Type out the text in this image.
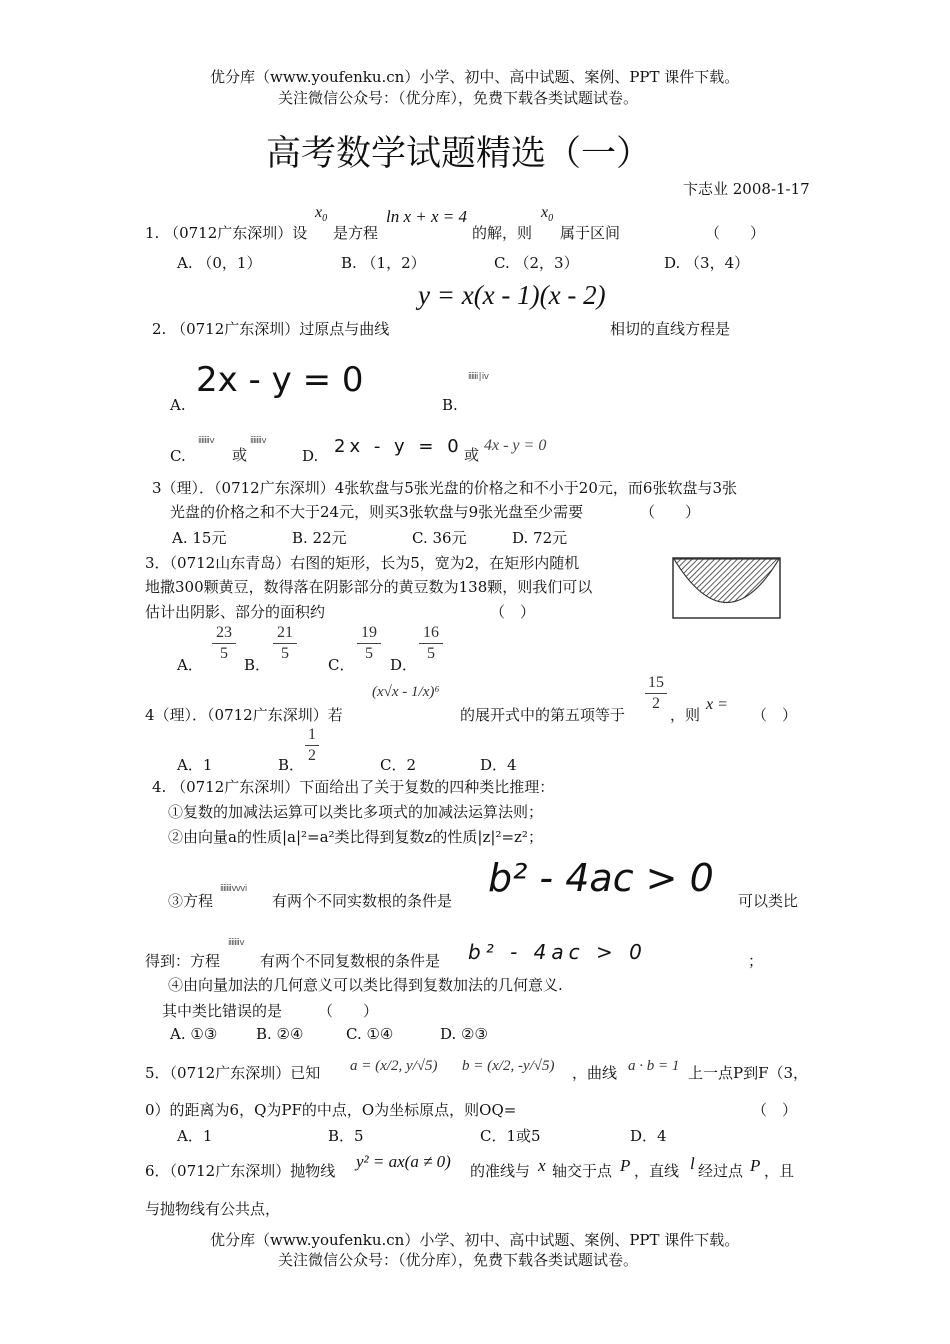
优分库（www.youfenku.cn）小学、初中、高中试题、案例、PPT 课件下载。
关注微信公众号：（优分库），免费下载各类试题试卷。
高考数学试题精选（一）
卞志业 2008-1-17
1. （0712广东深圳）设
$x_0$
是方程
ln x + x = 4
的解，则
$x_0$
属于区间	（　　）
A. （0，1）	B. （1，2）	C. （2，3）	D. （3，4）
y = x(x - 1)(x - 2)
2. （0712广东深圳）过原点与曲线	相切的直线方程是
A.
2x - y = 0
B.
ⅰⅱⅲ|ⅳ
C.
ⅰⅱⅲⅳ
或
ⅰⅱⅲⅳ
D. 2x - y = 0 或
4x - y = 0
3（理）．（0712广东深圳）4张软盘与5张光盘的价格之和不小于20元，而6张软盘与3张
光盘的价格之和不大于24元，则买3张软盘与9张光盘至少需要	（　　）
A. 15元	B. 22元	C. 36元	D. 72元
3．（0712山东青岛）右图的矩形，长为5，宽为2，在矩形内随机
地撒300颗黄豆，数得落在阴影部分的黄豆数为138颗，则我们可以
估计出阴影、部分的面积约	（　）
A．
23
5
B．
21
5
C．
19
5
D．
16
5
4（理）．（0712广东深圳）若
(x√x - 1/x)⁶
的展开式中的第五项等于
15
2
，则
x =
（　）
A．1	B．
1
2
C．2	D．4
4. （0712广东深圳）下面给出了关于复数的四种类比推理：
①复数的加减法运算可以类比多项式的加减法运算法则；
②由向量a的性质|a|²=a²类比得到复数z的性质|z|²=z²；
③方程
ⅰⅱⅲⅳⅴⅵ
有两个不同实数根的条件是
b² - 4ac > 0
可以类比
得到：方程
ⅰⅱⅲⅳ
有两个不同复数根的条件是 b² - 4ac > 0	；
④由向量加法的几何意义可以类比得到复数加法的几何意义.
其中类比错误的是 （　　）
A. ①③	B. ②④	C. ①④	D. ②③
5．（0712广东深圳）已知 a = (x/2, y/√5) b = (x/2, -y/√5) ，曲线 a · b = 1 上一点P到F（3，
0）的距离为6，Q为PF的中点，O为坐标原点，则OQ=	（　）
A．1	B．5	C．1或5	D．4
6．（0712广东深圳）抛物线 y² = ax(a ≠ 0) 的准线与 x 轴交于点 P ，直线 l 经过点 P ，且
与抛物线有公共点，
优分库（www.youfenku.cn）小学、初中、高中试题、案例、PPT 课件下载。
关注微信公众号：（优分库），免费下载各类试题试卷。
